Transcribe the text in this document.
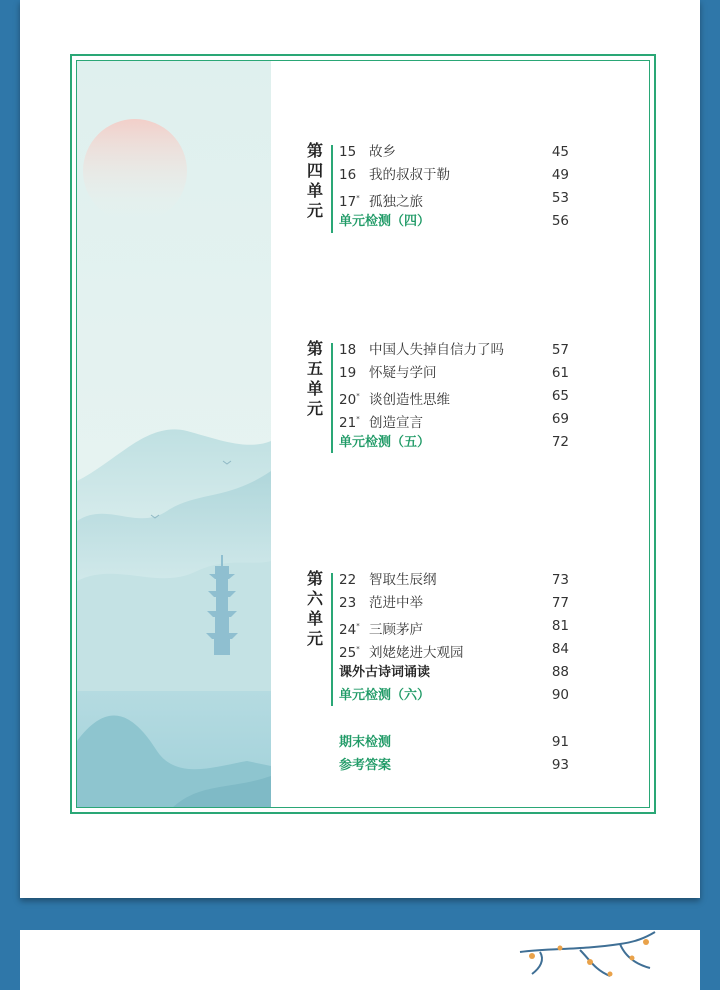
第
四
单
元
15 故乡	45
16 我的叔叔于勒	49
17* 孤独之旅	53
单元检测（四）	56
第
五
单
元
18 中国人失掉自信力了吗	57
19 怀疑与学问	61
20* 谈创造性思维	65
21* 创造宣言	69
单元检测（五）	72
第
六
单
元
22 智取生辰纲	73
23 范进中举	77
24* 三顾茅庐	81
25* 刘姥姥进大观园	84
课外古诗词诵读	88
单元检测（六）	90
期末检测	91
参考答案	93
